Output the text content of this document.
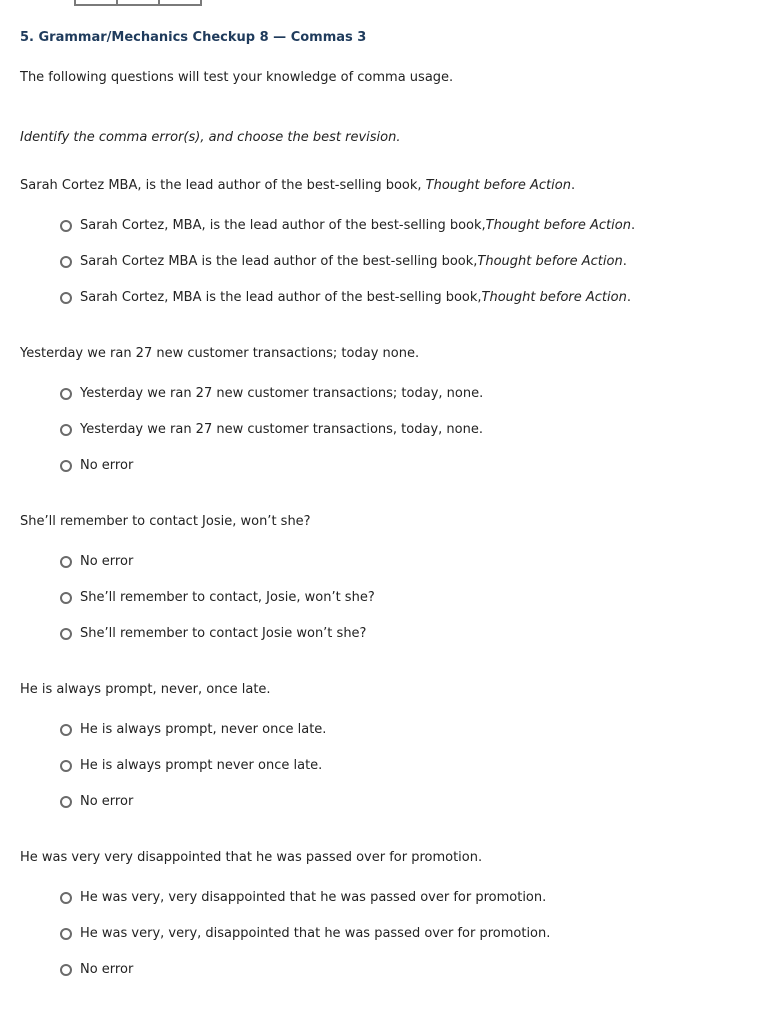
5. Grammar/Mechanics Checkup 8 — Commas 3
The following questions will test your knowledge of comma usage.
Identify the comma error(s), and choose the best revision.
Sarah Cortez MBA, is the lead author of the best-selling book, Thought before Action.
Sarah Cortez, MBA, is the lead author of the best-selling book, Thought before Action .
Sarah Cortez MBA is the lead author of the best-selling book, Thought before Action .
Sarah Cortez, MBA is the lead author of the best-selling book, Thought before Action .
Yesterday we ran 27 new customer transactions; today none.
Yesterday we ran 27 new customer transactions; today, none.
Yesterday we ran 27 new customer transactions, today, none.
No error
She’ll remember to contact Josie, won’t she?
No error
She’ll remember to contact, Josie, won’t she?
She’ll remember to contact Josie won’t she?
He is always prompt, never, once late.
He is always prompt, never once late.
He is always prompt never once late.
No error
He was very very disappointed that he was passed over for promotion.
He was very, very disappointed that he was passed over for promotion.
He was very, very, disappointed that he was passed over for promotion.
No error
